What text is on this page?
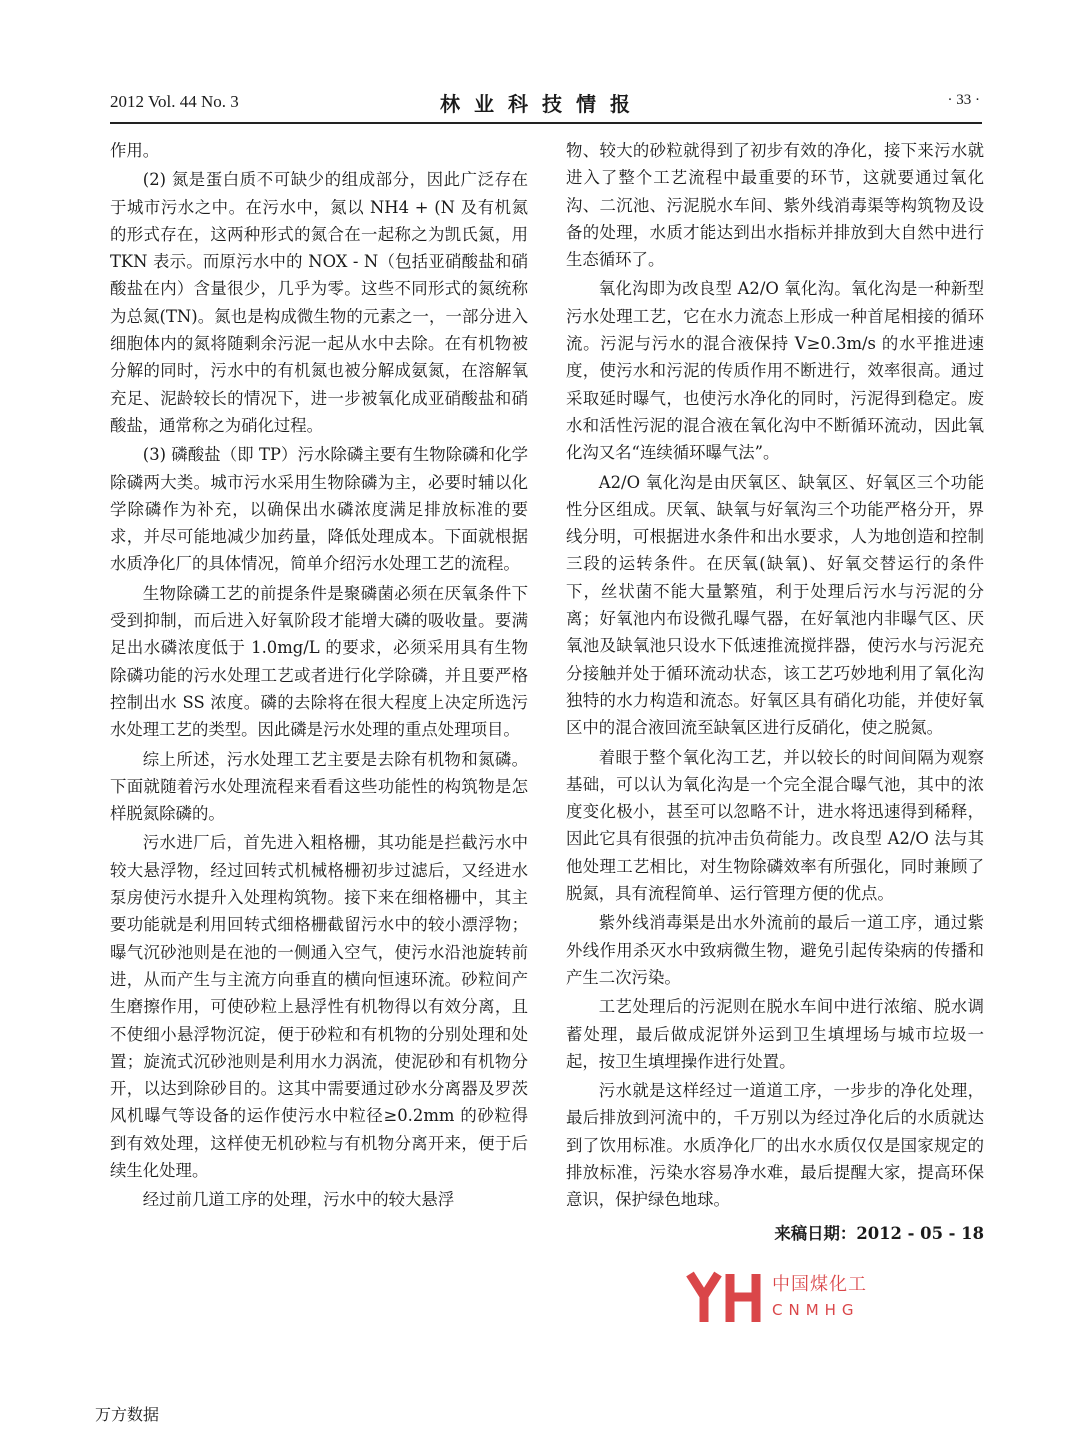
2012 Vol. 44 No. 3	林业科技情报	· 33 ·

作用。

(2) 氮是蛋白质不可缺少的组成部分，因此广泛存在于城市污水之中。在污水中，氮以 NH4 + (N 及有机氮的形式存在，这两种形式的氮合在一起称之为凯氏氮，用 TKN 表示。而原污水中的 NOX - N（包括亚硝酸盐和硝酸盐在内）含量很少，几乎为零。这些不同形式的氮统称为总氮(TN)。氮也是构成微生物的元素之一，一部分进入细胞体内的氮将随剩余污泥一起从水中去除。在有机物被分解的同时，污水中的有机氮也被分解成氨氮，在溶解氧充足、泥龄较长的情况下，进一步被氧化成亚硝酸盐和硝酸盐，通常称之为硝化过程。

(3) 磷酸盐（即 TP）污水除磷主要有生物除磷和化学除磷两大类。城市污水采用生物除磷为主，必要时辅以化学除磷作为补充，以确保出水磷浓度满足排放标准的要求，并尽可能地减少加药量，降低处理成本。下面就根据水质净化厂的具体情况，简单介绍污水处理工艺的流程。

生物除磷工艺的前提条件是聚磷菌必须在厌氧条件下受到抑制，而后进入好氧阶段才能增大磷的吸收量。要满足出水磷浓度低于 1.0mg/L 的要求，必须采用具有生物除磷功能的污水处理工艺或者进行化学除磷，并且要严格控制出水 SS 浓度。磷的去除将在很大程度上决定所选污水处理工艺的类型。因此磷是污水处理的重点处理项目。

综上所述，污水处理工艺主要是去除有机物和氮磷。下面就随着污水处理流程来看看这些功能性的构筑物是怎样脱氮除磷的。

污水进厂后，首先进入粗格栅，其功能是拦截污水中较大悬浮物，经过回转式机械格栅初步过滤后，又经进水泵房使污水提升入处理构筑物。接下来在细格栅中，其主要功能就是利用回转式细格栅截留污水中的较小漂浮物；曝气沉砂池则是在池的一侧通入空气，使污水沿池旋转前进，从而产生与主流方向垂直的横向恒速环流。砂粒间产生磨擦作用，可使砂粒上悬浮性有机物得以有效分离，且不使细小悬浮物沉淀，便于砂粒和有机物的分别处理和处置；旋流式沉砂池则是利用水力涡流，使泥砂和有机物分开，以达到除砂目的。这其中需要通过砂水分离器及罗茨风机曝气等设备的运作使污水中粒径≥0.2mm 的砂粒得到有效处理，这样使无机砂粒与有机物分离开来，便于后续生化处理。

经过前几道工序的处理，污水中的较大悬浮

物、较大的砂粒就得到了初步有效的净化，接下来污水就进入了整个工艺流程中最重要的环节，这就要通过氧化沟、二沉池、污泥脱水车间、紫外线消毒渠等构筑物及设备的处理，水质才能达到出水指标并排放到大自然中进行生态循环了。

氧化沟即为改良型 A2/O 氧化沟。氧化沟是一种新型污水处理工艺，它在水力流态上形成一种首尾相接的循环流。污泥与污水的混合液保持 V≥0.3m/s 的水平推进速度，使污水和污泥的传质作用不断进行，效率很高。通过采取延时曝气，也使污水净化的同时，污泥得到稳定。废水和活性污泥的混合液在氧化沟中不断循环流动，因此氧化沟又名“连续循环曝气法”。

A2/O 氧化沟是由厌氧区、缺氧区、好氧区三个功能性分区组成。厌氧、缺氧与好氧沟三个功能严格分开，界线分明，可根据进水条件和出水要求，人为地创造和控制三段的运转条件。在厌氧(缺氧)、好氧交替运行的条件下，丝状菌不能大量繁殖，利于处理后污水与污泥的分离；好氧池内布设微孔曝气器，在好氧池内非曝气区、厌氧池及缺氧池只设水下低速推流搅拌器，使污水与污泥充分接触并处于循环流动状态，该工艺巧妙地利用了氧化沟独特的水力构造和流态。好氧区具有硝化功能，并使好氧区中的混合液回流至缺氧区进行反硝化，使之脱氮。

着眼于整个氧化沟工艺，并以较长的时间间隔为观察基础，可以认为氧化沟是一个完全混合曝气池，其中的浓度变化极小，甚至可以忽略不计，进水将迅速得到稀释，因此它具有很强的抗冲击负荷能力。改良型 A2/O 法与其他处理工艺相比，对生物除磷效率有所强化，同时兼顾了脱氮，具有流程简单、运行管理方便的优点。

紫外线消毒渠是出水外流前的最后一道工序，通过紫外线作用杀灭水中致病微生物，避免引起传染病的传播和产生二次污染。

工艺处理后的污泥则在脱水车间中进行浓缩、脱水调蓄处理，最后做成泥饼外运到卫生填埋场与城市垃圾一起，按卫生填埋操作进行处置。

污水就是这样经过一道道工序，一步步的净化处理，最后排放到河流中的，千万别以为经过净化后的水质就达到了饮用标准。水质净化厂的出水水质仅仅是国家规定的排放标准，污染水容易净水难，最后提醒大家，提高环保意识，保护绿色地球。

来稿日期：2012 - 05 - 18
中国煤化工
CNMHG
万方数据
